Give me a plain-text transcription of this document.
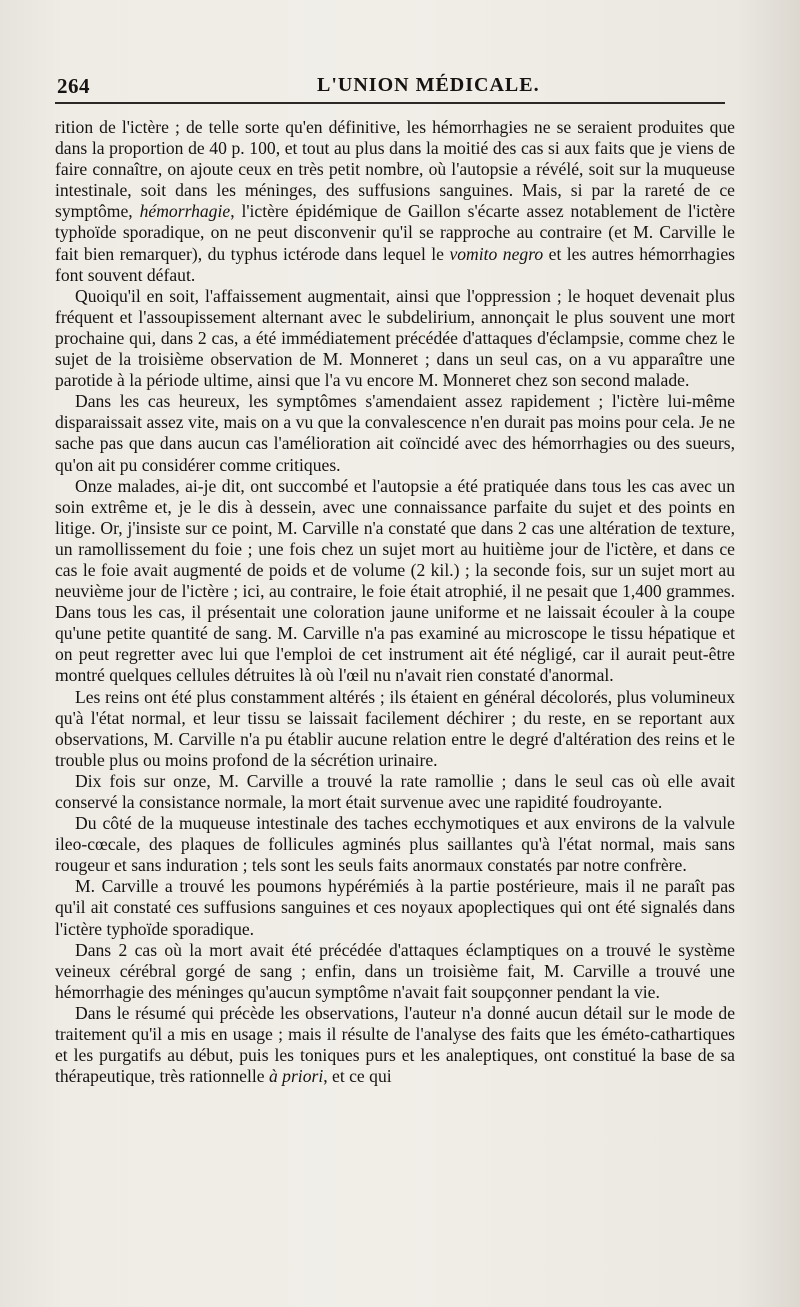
264	L'UNION MÉDICALE.

rition de l'ictère ; de telle sorte qu'en définitive, les hémorrhagies ne se seraient produites que dans la proportion de 40 p. 100, et tout au plus dans la moitié des cas si aux faits que je viens de faire connaître, on ajoute ceux en très petit nombre, où l'autopsie a révélé, soit sur la muqueuse intestinale, soit dans les méninges, des suffusions sanguines. Mais, si par la rareté de ce symptôme, hémorrhagie, l'ictère épidémique de Gaillon s'écarte assez notablement de l'ictère typhoïde sporadique, on ne peut disconvenir qu'il se rapproche au contraire (et M. Carville le fait bien remarquer), du typhus ictérode dans lequel le vomito negro et les autres hémorrhagies font souvent défaut.

Quoiqu'il en soit, l'affaissement augmentait, ainsi que l'oppression ; le hoquet devenait plus fréquent et l'assoupissement alternant avec le subdelirium, annonçait le plus souvent une mort prochaine qui, dans 2 cas, a été immédiatement précédée d'attaques d'éclampsie, comme chez le sujet de la troisième observation de M. Monneret ; dans un seul cas, on a vu apparaître une parotide à la période ultime, ainsi que l'a vu encore M. Monneret chez son second malade.

Dans les cas heureux, les symptômes s'amendaient assez rapidement ; l'ictère lui-même disparaissait assez vite, mais on a vu que la convalescence n'en durait pas moins pour cela. Je ne sache pas que dans aucun cas l'amélioration ait coïncidé avec des hémorrhagies ou des sueurs, qu'on ait pu considérer comme critiques.

Onze malades, ai-je dit, ont succombé et l'autopsie a été pratiquée dans tous les cas avec un soin extrême et, je le dis à dessein, avec une connaissance parfaite du sujet et des points en litige. Or, j'insiste sur ce point, M. Carville n'a constaté que dans 2 cas une altération de texture, un ramollissement du foie ; une fois chez un sujet mort au huitième jour de l'ictère, et dans ce cas le foie avait augmenté de poids et de volume (2 kil.) ; la seconde fois, sur un sujet mort au neuvième jour de l'ictère ; ici, au contraire, le foie était atrophié, il ne pesait que 1,400 grammes. Dans tous les cas, il présentait une coloration jaune uniforme et ne laissait écouler à la coupe qu'une petite quantité de sang. M. Carville n'a pas examiné au microscope le tissu hépatique et on peut regretter avec lui que l'emploi de cet instrument ait été négligé, car il aurait peut-être montré quelques cellules détruites là où l'œil nu n'avait rien constaté d'anormal.

Les reins ont été plus constamment altérés ; ils étaient en général décolorés, plus volumineux qu'à l'état normal, et leur tissu se laissait facilement déchirer ; du reste, en se reportant aux observations, M. Carville n'a pu établir aucune relation entre le degré d'altération des reins et le trouble plus ou moins profond de la sécrétion urinaire.

Dix fois sur onze, M. Carville a trouvé la rate ramollie ; dans le seul cas où elle avait conservé la consistance normale, la mort était survenue avec une rapidité foudroyante.

Du côté de la muqueuse intestinale des taches ecchymotiques et aux environs de la valvule ileo-cœcale, des plaques de follicules agminés plus saillantes qu'à l'état normal, mais sans rougeur et sans induration ; tels sont les seuls faits anormaux constatés par notre confrère.

M. Carville a trouvé les poumons hypérémiés à la partie postérieure, mais il ne paraît pas qu'il ait constaté ces suffusions sanguines et ces noyaux apoplectiques qui ont été signalés dans l'ictère typhoïde sporadique.

Dans 2 cas où la mort avait été précédée d'attaques éclamptiques on a trouvé le système veineux cérébral gorgé de sang ; enfin, dans un troisième fait, M. Carville a trouvé une hémorrhagie des méninges qu'aucun symptôme n'avait fait soupçonner pendant la vie.

Dans le résumé qui précède les observations, l'auteur n'a donné aucun détail sur le mode de traitement qu'il a mis en usage ; mais il résulte de l'analyse des faits que les éméto-cathartiques et les purgatifs au début, puis les toniques purs et les analeptiques, ont constitué la base de sa thérapeutique, très rationnelle à priori, et ce qui
